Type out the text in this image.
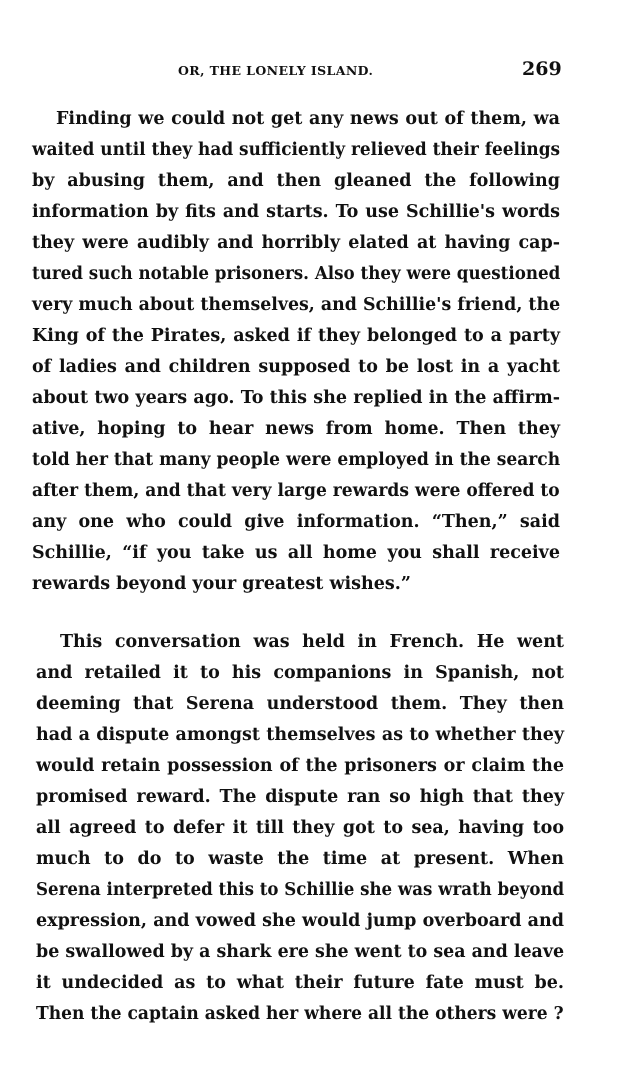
OR, THE LONELY ISLAND.	269
Finding we could not get any news out of them, wa
waited until they had sufficiently relieved their feelings
by abusing them, and then gleaned the following
information by fits and starts. To use Schillie's words
they were audibly and horribly elated at having cap-
tured such notable prisoners. Also they were questioned
very much about themselves, and Schillie's friend, the
King of the Pirates, asked if they belonged to a party
of ladies and children supposed to be lost in a yacht
about two years ago. To this she replied in the affirm-
ative, hoping to hear news from home. Then they
told her that many people were employed in the search
after them, and that very large rewards were offered to
any one who could give information. “Then,” said
Schillie, “if you take us all home you shall receive
rewards beyond your greatest wishes.”
This conversation was held in French. He went
and retailed it to his companions in Spanish, not
deeming that Serena understood them. They then
had a dispute amongst themselves as to whether they
would retain possession of the prisoners or claim the
promised reward. The dispute ran so high that they
all agreed to defer it till they got to sea, having too
much to do to waste the time at present. When
Serena interpreted this to Schillie she was wrath beyond
expression, and vowed she would jump overboard and
be swallowed by a shark ere she went to sea and leave
it undecided as to what their future fate must be.
Then the captain asked her where all the others were ?
